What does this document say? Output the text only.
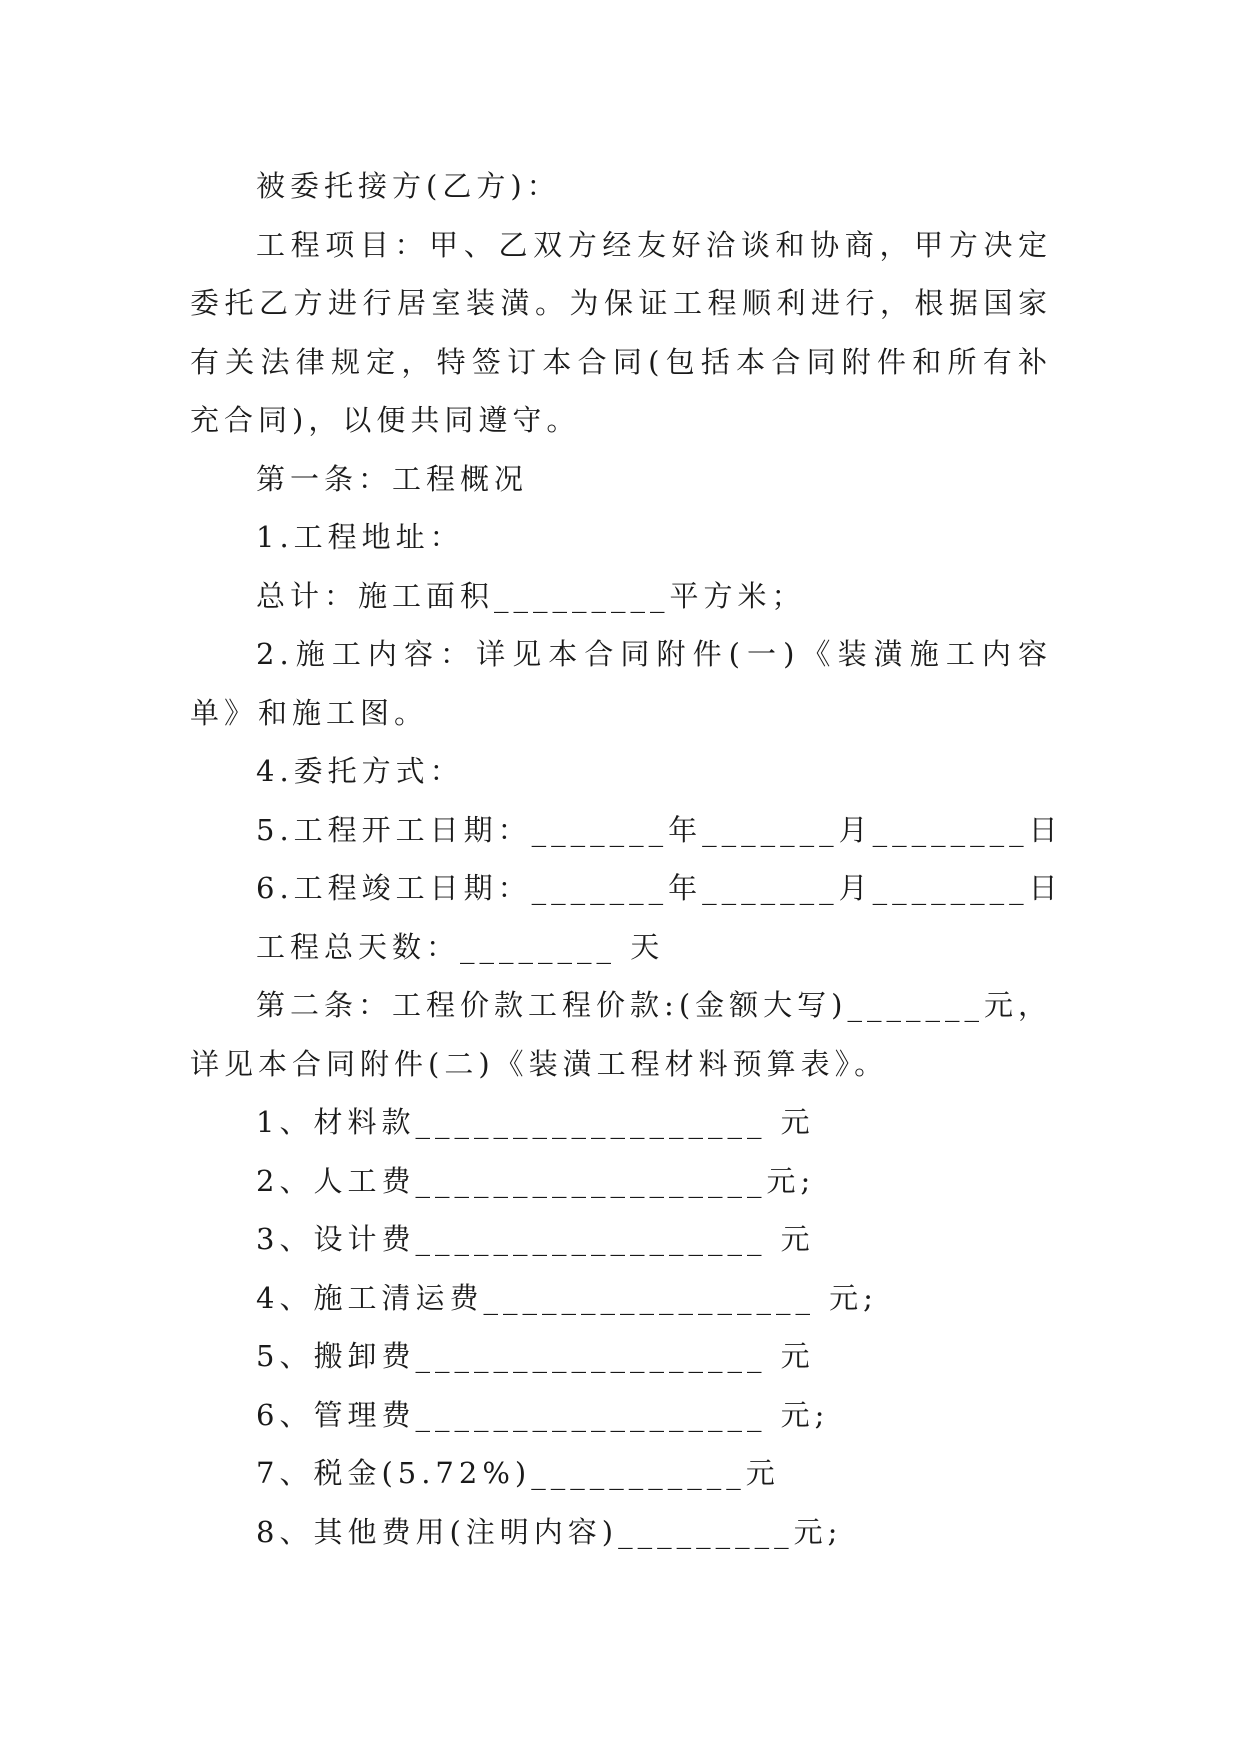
被委托接方(乙方)：

工程项目：甲、乙双方经友好洽谈和协商，甲方决定委托乙方进行居室装潢。为保证工程顺利进行，根据国家有关法律规定，特签订本合同(包括本合同附件和所有补充合同)，以便共同遵守。

第一条：工程概况

1.工程地址：

总计：施工面积_________平方米；

2.施工内容：详见本合同附件(一)《装潢施工内容单》和施工图。

4.委托方式：

5.工程开工日期：_______年_______月________日

6.工程竣工日期：_______年_______月________日

工程总天数：________ 天

第二条：工程价款工程价款:(金额大写)_______元，详见本合同附件(二)《装潢工程材料预算表》。

1、材料款__________________ 元

2、人工费__________________元;

3、设计费__________________ 元

4、施工清运费_________________ 元;

5、搬卸费__________________ 元

6、管理费__________________ 元;

7、税金(5.72%)___________元

8、其他费用(注明内容)_________元;
